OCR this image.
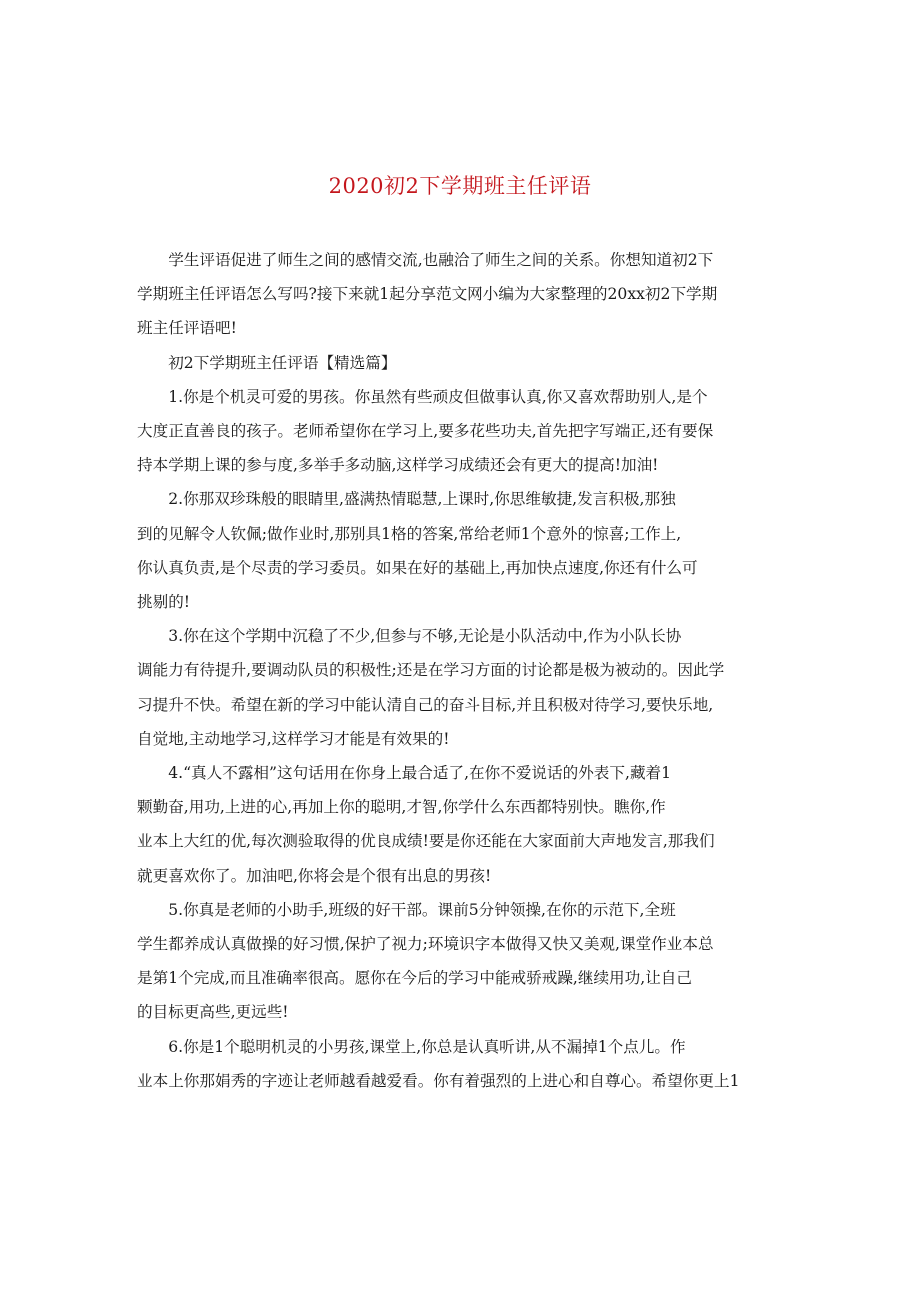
2020初2下学期班主任评语

学生评语促进了师生之间的感情交流,也融洽了师生之间的关系。你想知道初2下
学期班主任评语怎么写吗?接下来就1起分享范文网小编为大家整理的20xx初2下学期
班主任评语吧!

初2下学期班主任评语【精选篇】

1.你是个机灵可爱的男孩。你虽然有些顽皮但做事认真,你又喜欢帮助别人,是个
大度正直善良的孩子。老师希望你在学习上,要多花些功夫,首先把字写端正,还有要保
持本学期上课的参与度,多举手多动脑,这样学习成绩还会有更大的提高!加油!

2.你那双珍珠般的眼睛里,盛满热情聪慧,上课时,你思维敏捷,发言积极,那独
到的见解令人钦佩;做作业时,那别具1格的答案,常给老师1个意外的惊喜;工作上,
你认真负责,是个尽责的学习委员。如果在好的基础上,再加快点速度,你还有什么可
挑剔的!

3.你在这个学期中沉稳了不少,但参与不够,无论是小队活动中,作为小队长协
调能力有待提升,要调动队员的积极性;还是在学习方面的讨论都是极为被动的。因此学
习提升不快。希望在新的学习中能认清自己的奋斗目标,并且积极对待学习,要快乐地,
自觉地,主动地学习,这样学习才能是有效果的!

4.“真人不露相”这句话用在你身上最合适了,在你不爱说话的外表下,藏着1
颗勤奋,用功,上进的心,再加上你的聪明,才智,你学什么东西都特别快。瞧你,作
业本上大红的优,每次测验取得的优良成绩!要是你还能在大家面前大声地发言,那我们
就更喜欢你了。加油吧,你将会是个很有出息的男孩!

5.你真是老师的小助手,班级的好干部。课前5分钟领操,在你的示范下,全班
学生都养成认真做操的好习惯,保护了视力;环境识字本做得又快又美观,课堂作业本总
是第1个完成,而且准确率很高。愿你在今后的学习中能戒骄戒躁,继续用功,让自己
的目标更高些,更远些!

6.你是1个聪明机灵的小男孩,课堂上,你总是认真听讲,从不漏掉1个点儿。作
业本上你那娟秀的字迹让老师越看越爱看。你有着强烈的上进心和自尊心。希望你更上1
